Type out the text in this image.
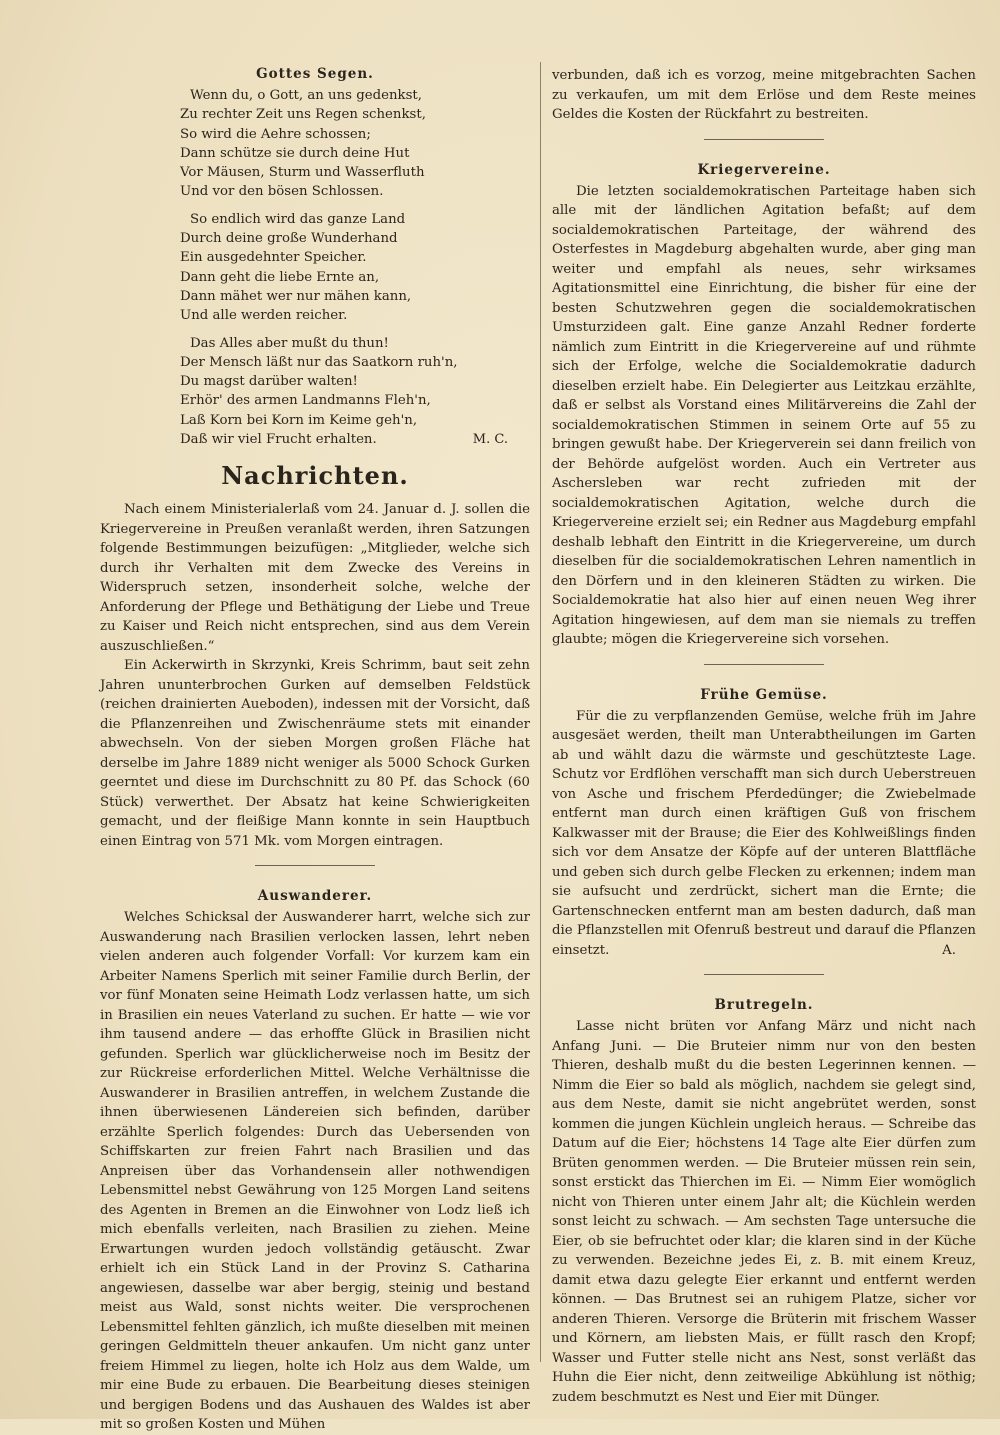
Gottes Segen.
Wenn du, o Gott, an uns gedenkst,
Zu rechter Zeit uns Regen schenkst,
So wird die Aehre schossen;
Dann schütze sie durch deine Hut
Vor Mäusen, Sturm und Wasserfluth
Und vor den bösen Schlossen.
So endlich wird das ganze Land
Durch deine große Wunderhand
Ein ausgedehnter Speicher.
Dann geht die liebe Ernte an,
Dann mähet wer nur mähen kann,
Und alle werden reicher.
Das Alles aber mußt du thun!
Der Mensch läßt nur das Saatkorn ruh'n,
Du magst darüber walten!
Erhör' des armen Landmanns Fleh'n,
Laß Korn bei Korn im Keime geh'n,
Daß wir viel Frucht erhalten.	M. C.
Nachrichten.

Nach einem Ministerialerlaß vom 24. Januar d. J. sollen die Kriegervereine in Preußen veranlaßt werden, ihren Satzungen folgende Bestimmungen beizufügen: „Mitglieder, welche sich durch ihr Verhalten mit dem Zwecke des Vereins in Widerspruch setzen, insonderheit solche, welche der Anforderung der Pflege und Bethätigung der Liebe und Treue zu Kaiser und Reich nicht entsprechen, sind aus dem Verein auszuschließen.“

Ein Ackerwirth in Skrzynki, Kreis Schrimm, baut seit zehn Jahren ununterbrochen Gurken auf demselben Feldstück (reichen drainierten Aueboden), indessen mit der Vorsicht, daß die Pflanzenreihen und Zwischenräume stets mit einander abwechseln. Von der sieben Morgen großen Fläche hat derselbe im Jahre 1889 nicht weniger als 5000 Schock Gurken geerntet und diese im Durchschnitt zu 80 Pf. das Schock (60 Stück) verwerthet. Der Absatz hat keine Schwierigkeiten gemacht, und der fleißige Mann konnte in sein Hauptbuch einen Eintrag von 571 Mk. vom Morgen eintragen.

Auswanderer.

Welches Schicksal der Auswanderer harrt, welche sich zur Auswanderung nach Brasilien verlocken lassen, lehrt neben vielen anderen auch folgender Vorfall: Vor kurzem kam ein Arbeiter Namens Sperlich mit seiner Familie durch Berlin, der vor fünf Monaten seine Heimath Lodz verlassen hatte, um sich in Brasilien ein neues Vaterland zu suchen. Er hatte — wie vor ihm tausend andere — das erhoffte Glück in Brasilien nicht gefunden. Sperlich war glücklicherweise noch im Besitz der zur Rückreise erforderlichen Mittel. Welche Verhältnisse die Auswanderer in Brasilien antreffen, in welchem Zustande die ihnen überwiesenen Ländereien sich befinden, darüber erzählte Sperlich folgendes: Durch das Uebersenden von Schiffskarten zur freien Fahrt nach Brasilien und das Anpreisen über das Vorhandensein aller nothwendigen Lebensmittel nebst Gewährung von 125 Morgen Land seitens des Agenten in Bremen an die Einwohner von Lodz ließ ich mich ebenfalls verleiten, nach Brasilien zu ziehen. Meine Erwartungen wurden jedoch vollständig getäuscht. Zwar erhielt ich ein Stück Land in der Provinz S. Catharina angewiesen, dasselbe war aber bergig, steinig und bestand meist aus Wald, sonst nichts weiter. Die versprochenen Lebensmittel fehlten gänzlich, ich mußte dieselben mit meinen geringen Geldmitteln theuer ankaufen. Um nicht ganz unter freiem Himmel zu liegen, holte ich Holz aus dem Walde, um mir eine Bude zu erbauen. Die Bearbeitung dieses steinigen und bergigen Bodens und das Aushauen des Waldes ist aber mit so großen Kosten und Mühen

verbunden, daß ich es vorzog, meine mitgebrachten Sachen zu verkaufen, um mit dem Erlöse und dem Reste meines Geldes die Kosten der Rückfahrt zu bestreiten.

Kriegervereine.

Die letzten socialdemokratischen Parteitage haben sich alle mit der ländlichen Agitation befaßt; auf dem socialdemokratischen Parteitage, der während des Osterfestes in Magdeburg abgehalten wurde, aber ging man weiter und empfahl als neues, sehr wirksames Agitationsmittel eine Einrichtung, die bisher für eine der besten Schutzwehren gegen die socialdemokratischen Umsturzideen galt. Eine ganze Anzahl Redner forderte nämlich zum Eintritt in die Kriegervereine auf und rühmte sich der Erfolge, welche die Socialdemokratie dadurch dieselben erzielt habe. Ein Delegierter aus Leitzkau erzählte, daß er selbst als Vorstand eines Militärvereins die Zahl der socialdemokratischen Stimmen in seinem Orte auf 55 zu bringen gewußt habe. Der Kriegerverein sei dann freilich von der Behörde aufgelöst worden. Auch ein Vertreter aus Aschersleben war recht zufrieden mit der socialdemokratischen Agitation, welche durch die Kriegervereine erzielt sei; ein Redner aus Magdeburg empfahl deshalb lebhaft den Eintritt in die Kriegervereine, um durch dieselben für die socialdemokratischen Lehren namentlich in den Dörfern und in den kleineren Städten zu wirken. Die Socialdemokratie hat also hier auf einen neuen Weg ihrer Agitation hingewiesen, auf dem man sie niemals zu treffen glaubte; mögen die Kriegervereine sich vorsehen.

Frühe Gemüse.

Für die zu verpflanzenden Gemüse, welche früh im Jahre ausgesäet werden, theilt man Unterabtheilungen im Garten ab und wählt dazu die wärmste und geschützteste Lage. Schutz vor Erdflöhen verschafft man sich durch Ueberstreuen von Asche und frischem Pferdedünger; die Zwiebelmade entfernt man durch einen kräftigen Guß von frischem Kalkwasser mit der Brause; die Eier des Kohlweißlings finden sich vor dem Ansatze der Köpfe auf der unteren Blattfläche und geben sich durch gelbe Flecken zu erkennen; indem man sie aufsucht und zerdrückt, sichert man die Ernte; die Gartenschnecken entfernt man am besten dadurch, daß man die Pflanzstellen mit Ofenruß bestreut und darauf die Pflanzen einsetzt.	A.
Brutregeln.

Lasse nicht brüten vor Anfang März und nicht nach Anfang Juni. — Die Bruteier nimm nur von den besten Thieren, deshalb mußt du die besten Legerinnen kennen. — Nimm die Eier so bald als möglich, nachdem sie gelegt sind, aus dem Neste, damit sie nicht angebrütet werden, sonst kommen die jungen Küchlein ungleich heraus. — Schreibe das Datum auf die Eier; höchstens 14 Tage alte Eier dürfen zum Brüten genommen werden. — Die Bruteier müssen rein sein, sonst erstickt das Thierchen im Ei. — Nimm Eier womöglich nicht von Thieren unter einem Jahr alt; die Küchlein werden sonst leicht zu schwach. — Am sechsten Tage untersuche die Eier, ob sie befruchtet oder klar; die klaren sind in der Küche zu verwenden. Bezeichne jedes Ei, z. B. mit einem Kreuz, damit etwa dazu gelegte Eier erkannt und entfernt werden können. — Das Brutnest sei an ruhigem Platze, sicher vor anderen Thieren. Versorge die Brüterin mit frischem Wasser und Körnern, am liebsten Mais, er füllt rasch den Kropf; Wasser und Futter stelle nicht ans Nest, sonst verläßt das Huhn die Eier nicht, denn zeitweilige Abkühlung ist nöthig; zudem beschmutzt es Nest und Eier mit Dünger.
